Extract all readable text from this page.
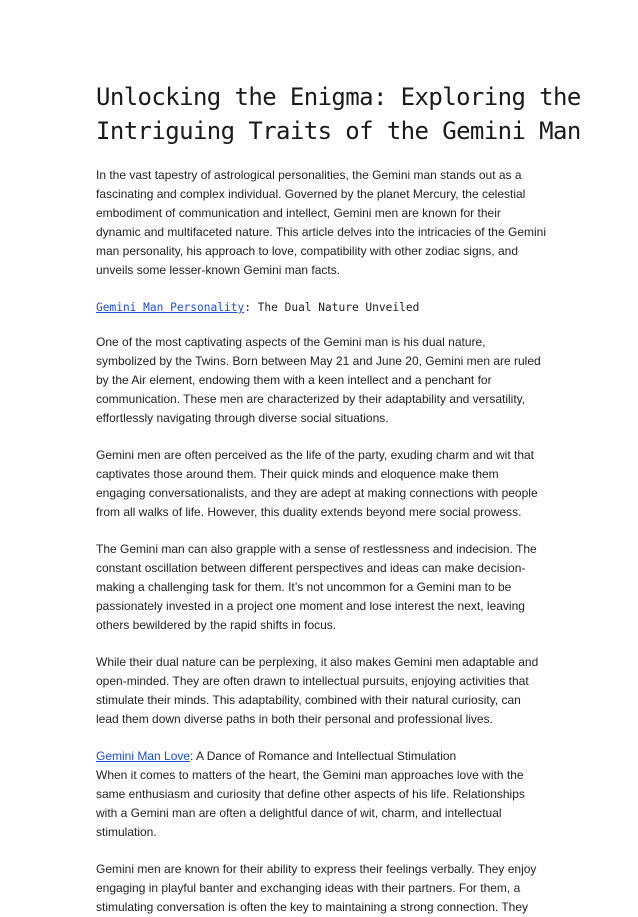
Unlocking the Enigma: Exploring the
Intriguing Traits of the Gemini Man

In the vast tapestry of astrological personalities, the Gemini man stands out as a fascinating and complex individual. Governed by the planet Mercury, the celestial embodiment of communication and intellect, Gemini men are known for their dynamic and multifaceted nature. This article delves into the intricacies of the Gemini man personality, his approach to love, compatibility with other zodiac signs, and unveils some lesser-known Gemini man facts.

Gemini Man Personality: The Dual Nature Unveiled

One of the most captivating aspects of the Gemini man is his dual nature, symbolized by the Twins. Born between May 21 and June 20, Gemini men are ruled by the Air element, endowing them with a keen intellect and a penchant for communication. These men are characterized by their adaptability and versatility, effortlessly navigating through diverse social situations.

Gemini men are often perceived as the life of the party, exuding charm and wit that captivates those around them. Their quick minds and eloquence make them engaging conversationalists, and they are adept at making connections with people from all walks of life. However, this duality extends beyond mere social prowess.

The Gemini man can also grapple with a sense of restlessness and indecision. The constant oscillation between different perspectives and ideas can make decision-making a challenging task for them. It’s not uncommon for a Gemini man to be passionately invested in a project one moment and lose interest the next, leaving others bewildered by the rapid shifts in focus.

While their dual nature can be perplexing, it also makes Gemini men adaptable and open-minded. They are often drawn to intellectual pursuits, enjoying activities that stimulate their minds. This adaptability, combined with their natural curiosity, can lead them down diverse paths in both their personal and professional lives.

Gemini Man Love: A Dance of Romance and Intellectual Stimulation

When it comes to matters of the heart, the Gemini man approaches love with the same enthusiasm and curiosity that define other aspects of his life. Relationships with a Gemini man are often a delightful dance of wit, charm, and intellectual stimulation.

Gemini men are known for their ability to express their feelings verbally. They enjoy engaging in playful banter and exchanging ideas with their partners. For them, a stimulating conversation is often the key to maintaining a strong connection. They
